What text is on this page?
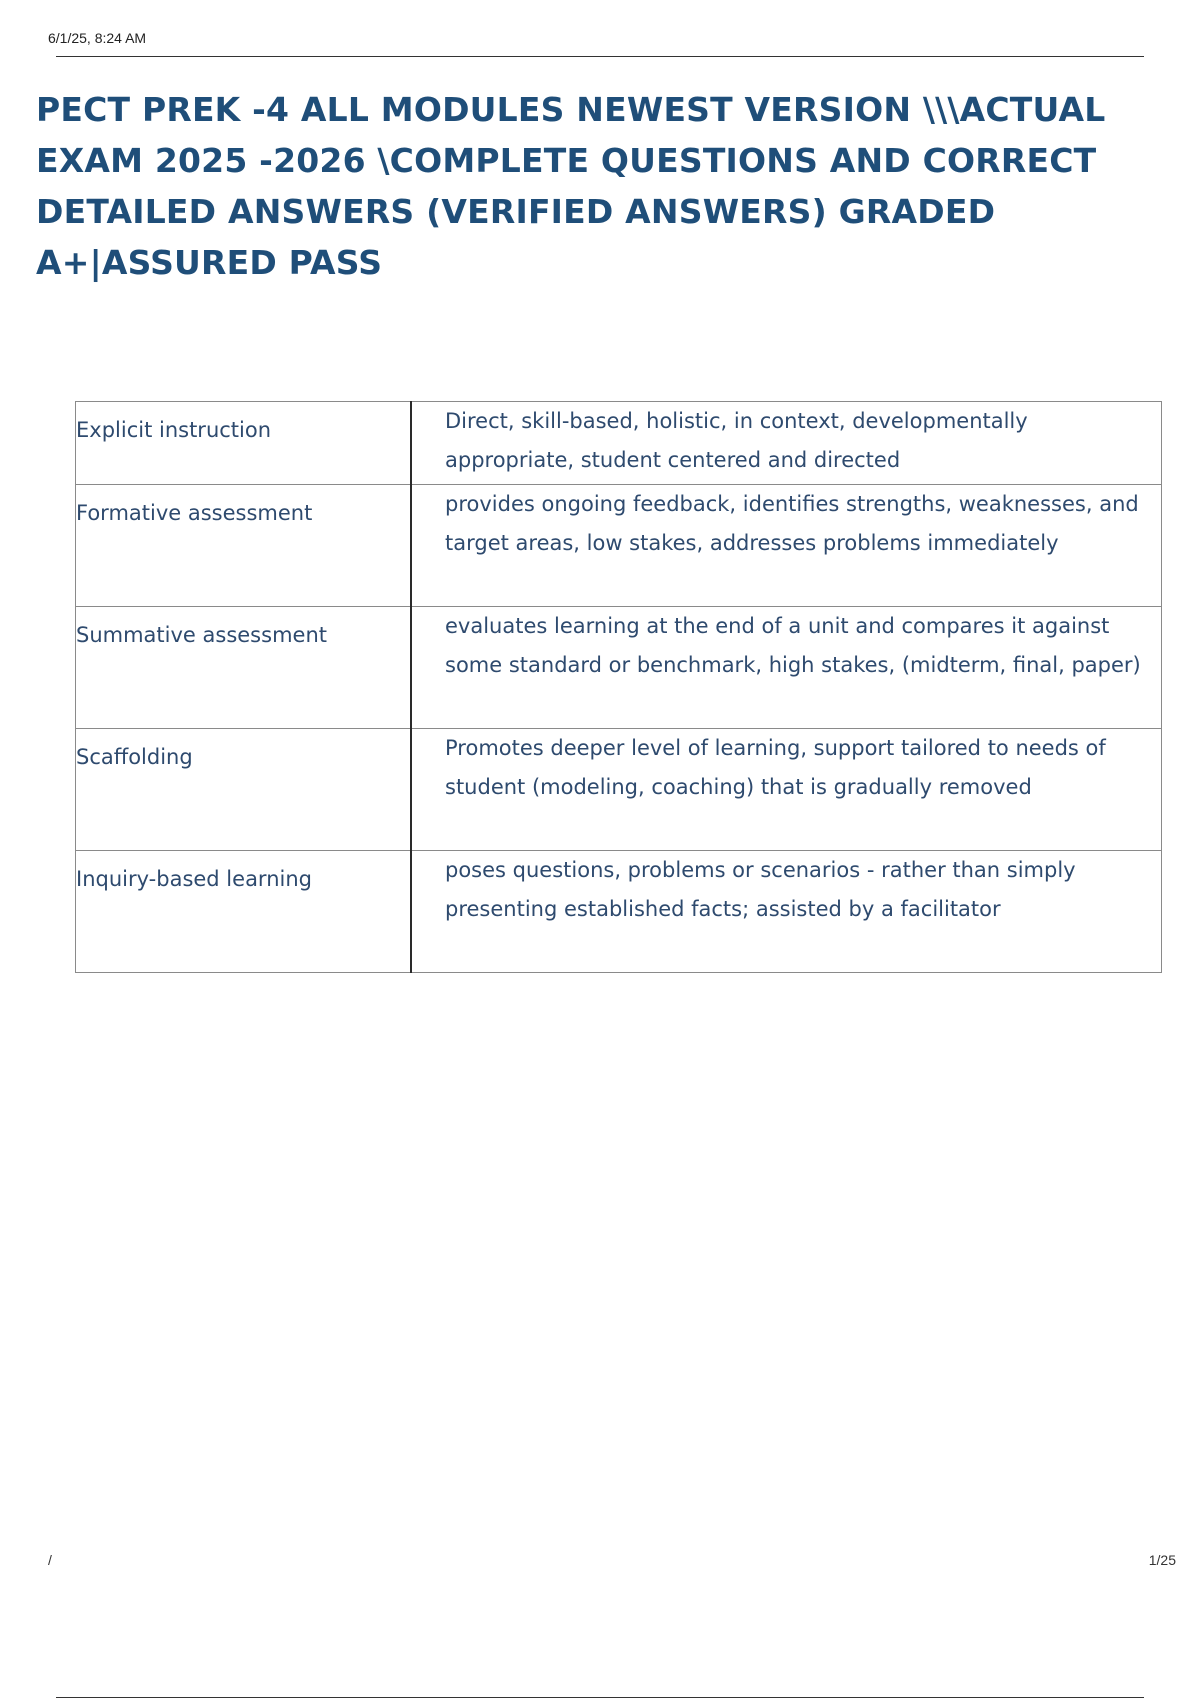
6/1/25, 8:24 AM
PECT PREK -4 ALL MODULES NEWEST VERSION \\\ACTUAL EXAM 2025 -2026 \COMPLETE QUESTIONS AND CORRECT DETAILED ANSWERS (VERIFIED ANSWERS) GRADED A+|ASSURED PASS
Explicit instruction	Direct, skill-based, holistic, in context, developmentally appropriate, student centered and directed

Formative assessment	provides ongoing feedback, identifies strengths, weaknesses, and target areas, low stakes, addresses problems immediately

Summative assessment	evaluates learning at the end of a unit and compares it against some standard or benchmark, high stakes, (midterm, final, paper)

Scaffolding	Promotes deeper level of learning, support tailored to needs of student (modeling, coaching) that is gradually removed

Inquiry-based learning	poses questions, problems or scenarios - rather than simply presenting established facts; assisted by a facilitator
/	1/25
